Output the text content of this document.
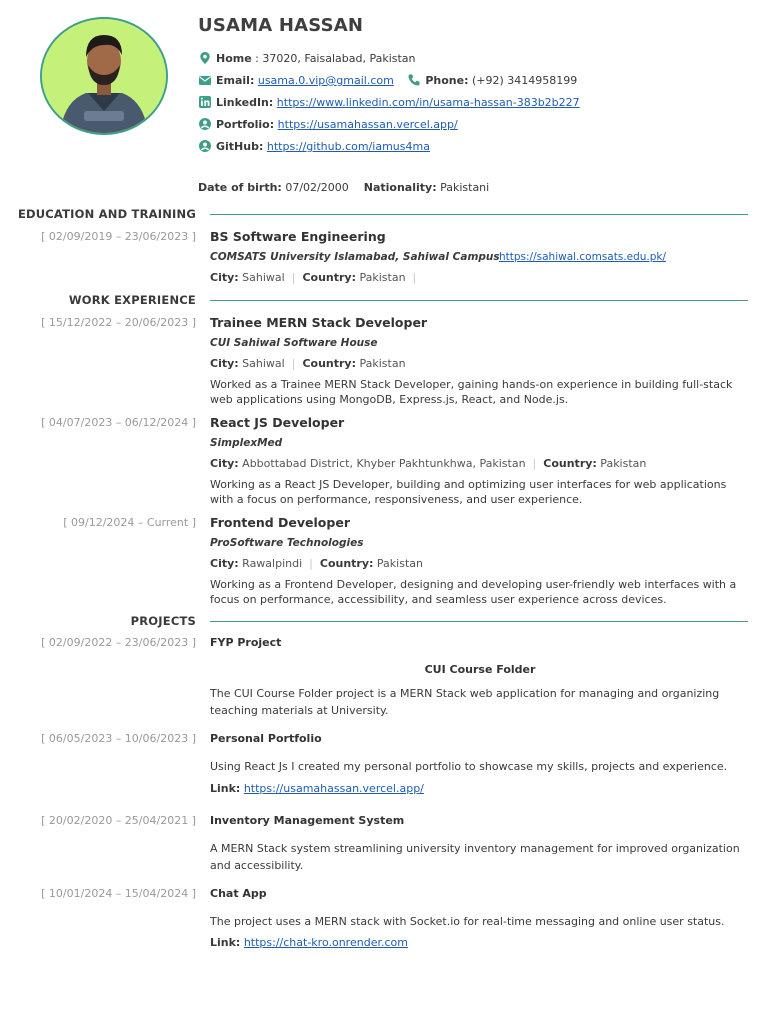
USAMA HASSAN
Home : 37020, Faisalabad, Pakistan
Email: usama.0.vip@gmail.com	Phone: (+92) 3414958199
LinkedIn: https://www.linkedin.com/in/usama-hassan-383b2b227
Portfolio: https://usamahassan.vercel.app/
GitHub: https://github.com/iamus4ma
Date of birth: 07/02/2000 Nationality: Pakistani
EDUCATION AND TRAINING
[ 02/09/2019 – 23/06/2023 ] BS Software Engineering
COMSATS University Islamabad, Sahiwal Campus https://sahiwal.comsats.edu.pk/
City: Sahiwal | Country: Pakistan |
WORK EXPERIENCE
[ 15/12/2022 – 20/06/2023 ] Trainee MERN Stack Developer
CUI Sahiwal Software House
City: Sahiwal | Country: Pakistan
Worked as a Trainee MERN Stack Developer, gaining hands-on experience in building full-stack web applications using MongoDB, Express.js, React, and Node.js.
[ 04/07/2023 – 06/12/2024 ] React JS Developer
SimplexMed
City: Abbottabad District, Khyber Pakhtunkhwa, Pakistan | Country: Pakistan
Working as a React JS Developer, building and optimizing user interfaces for web applications with a focus on performance, responsiveness, and user experience.
[ 09/12/2024 – Current ] Frontend Developer
ProSoftware Technologies
City: Rawalpindi | Country: Pakistan
Working as a Frontend Developer, designing and developing user-friendly web interfaces with a focus on performance, accessibility, and seamless user experience across devices.
PROJECTS
[ 02/09/2022 – 23/06/2023 ] FYP Project
CUI Course Folder
The CUI Course Folder project is a MERN Stack web application for managing and organizing teaching materials at University.
[ 06/05/2023 – 10/06/2023 ] Personal Portfolio
Using React Js I created my personal portfolio to showcase my skills, projects and experience.
Link: https://usamahassan.vercel.app/
[ 20/02/2020 – 25/04/2021 ] Inventory Management System
A MERN Stack system streamlining university inventory management for improved organization and accessibility.
[ 10/01/2024 – 15/04/2024 ] Chat App
The project uses a MERN stack with Socket.io for real-time messaging and online user status.
Link: https://chat-kro.onrender.com
